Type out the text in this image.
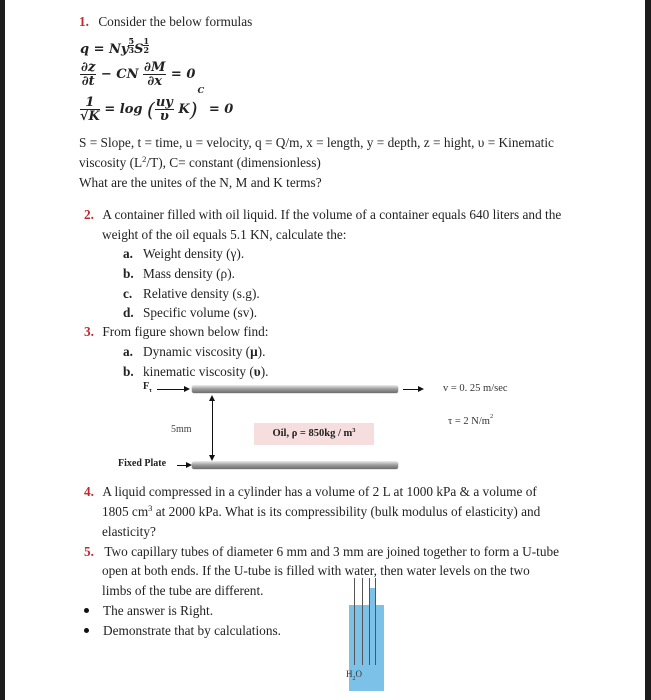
1. Consider the below formulas
q = Ny $\frac{5}{3}$ S $\frac{1}{2}$
$\frac{\partial z}{\partial t}$ − CN $\frac{\partial M}{\partial x} = 0$
$\frac{1}{√K} = \log$ ( $\frac{uy}{\upsilon} K)^C = 0$
S = Slope, t = time, u = velocity, q = Q/m, x = length, y = depth, z = hight, υ = Kinematic
viscosity $(L^2/T)$, C= constant (dimensionless)
What are the unites of the N, M and K terms?
2. A container filled with oil liquid. If the volume of a container equals 640 liters and the
weight of the oil equals 5.1 KN, calculate the:
a. Weight density (γ).
b. Mass density (ρ).
c. Relative density (s.g).
d. Specific volume (sv).
3. From figure shown below find:
a. Dynamic viscosity (μ).
b. kinematic viscosity (υ).
$F_\tau$	v = 0. 25 m/sec
τ = 2 $N/m^2$
5mm	Oil, $\rho = 850kg / m^3$
Fixed Plate
4. A liquid compressed in a cylinder has a volume of 2 L at 1000 kPa & a volume of
1805 $cm^3$ at 2000 kPa. What is its compressibility (bulk modulus of elasticity) and
elasticity?
5. Two capillary tubes of diameter 6 mm and 3 mm are joined together to form a U-tube
open at both ends. If the U-tube is filled with water, then water levels on the two
limbs of the tube are different.
The answer is Right.
Demonstrate that by calculations.
$H_2O$
